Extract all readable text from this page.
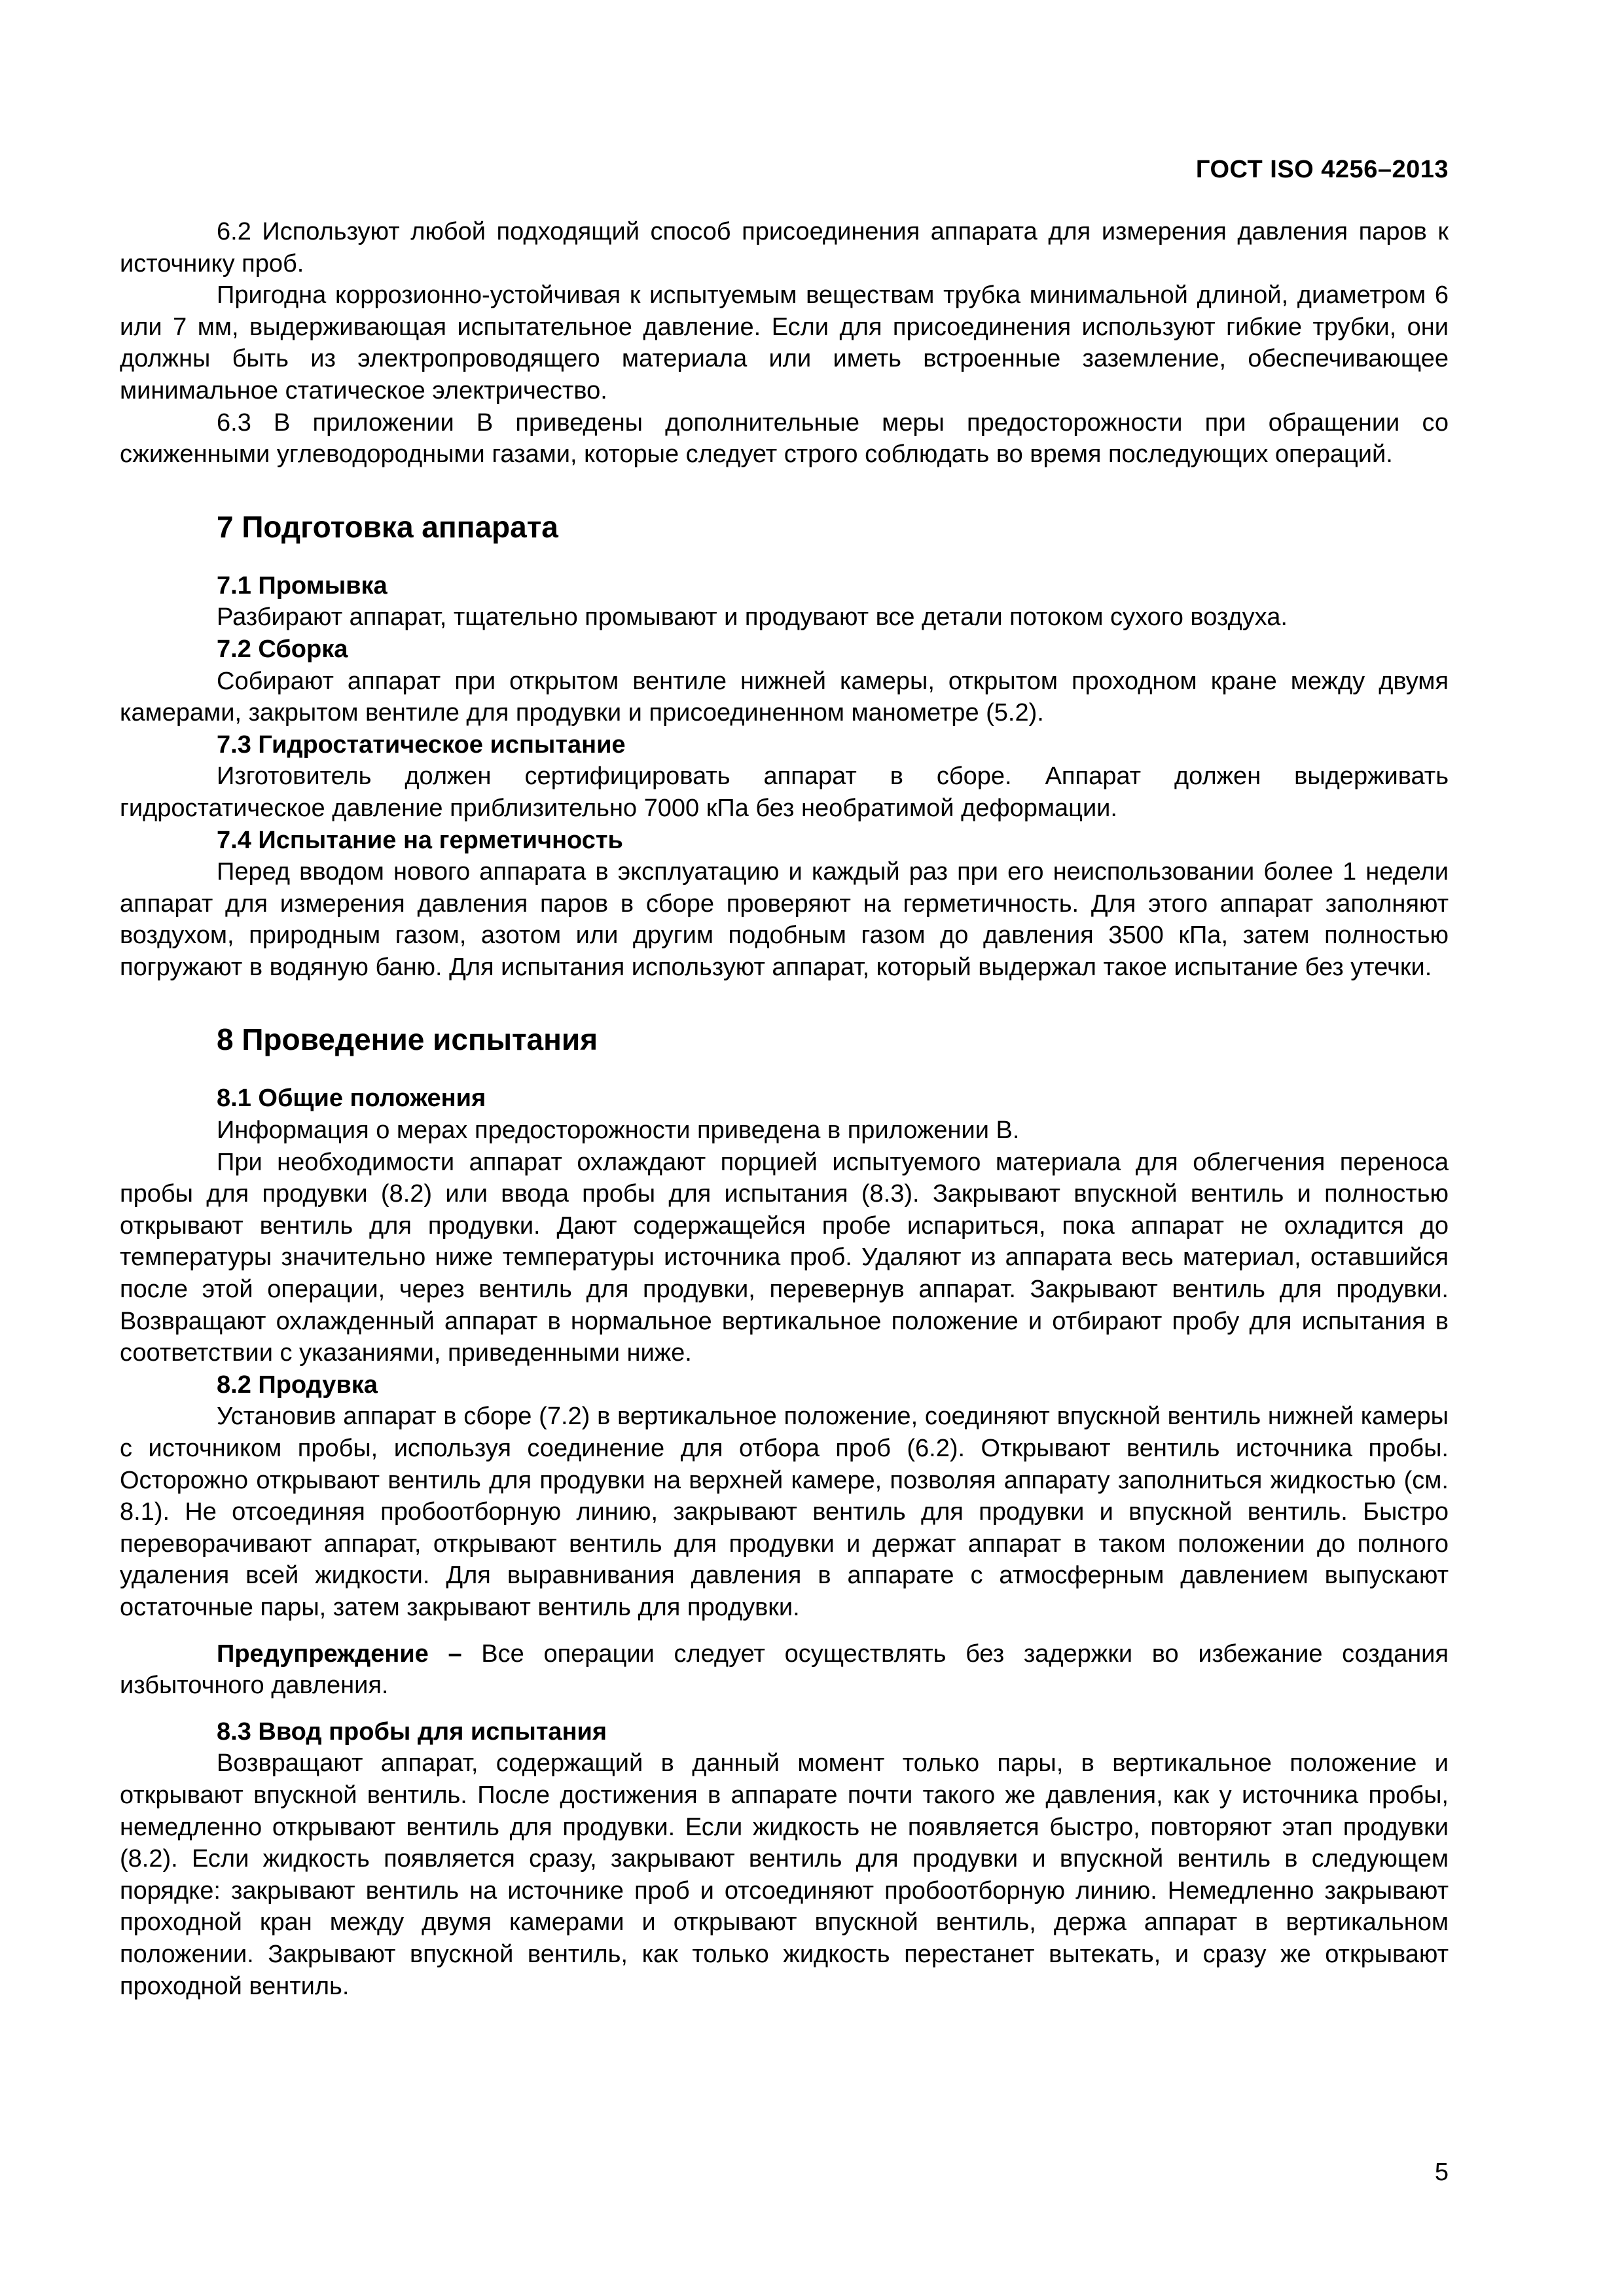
ГОСТ ISO 4256–2013

6.2 Используют любой подходящий способ присоединения аппарата для измерения давления паров к источнику проб.

Пригодна коррозионно-устойчивая к испытуемым веществам трубка минимальной длиной, диаметром 6 или 7 мм, выдерживающая испытательное давление. Если для присоединения используют гибкие трубки, они должны быть из электропроводящего материала или иметь встроенные заземление, обеспечивающее минимальное статическое электричество.

6.3 В приложении В приведены дополнительные меры предосторожности при обращении со сжиженными углеводородными газами, которые следует строго соблюдать во время последующих операций.

7 Подготовка аппарата

7.1 Промывка

Разбирают аппарат, тщательно промывают и продувают все детали потоком сухого воздуха.

7.2 Сборка

Собирают аппарат при открытом вентиле нижней камеры, открытом проходном кране между двумя камерами, закрытом вентиле для продувки и присоединенном манометре (5.2).

7.3 Гидростатическое испытание

Изготовитель должен сертифицировать аппарат в сборе. Аппарат должен выдерживать гидростатическое давление приблизительно 7000 кПа без необратимой деформации.

7.4 Испытание на герметичность

Перед вводом нового аппарата в эксплуатацию и каждый раз при его неиспользовании более 1 недели аппарат для измерения давления паров в сборе проверяют на герметичность. Для этого аппарат заполняют воздухом, природным газом, азотом или другим подобным газом до давления 3500 кПа, затем полностью погружают в водяную баню. Для испытания используют аппарат, который выдержал такое испытание без утечки.

8 Проведение испытания

8.1 Общие положения

Информация о мерах предосторожности приведена в приложении В.

При необходимости аппарат охлаждают порцией испытуемого материала для облегчения переноса пробы для продувки (8.2) или ввода пробы для испытания (8.3). Закрывают впускной вентиль и полностью открывают вентиль для продувки. Дают содержащейся пробе испариться, пока аппарат не охладится до температуры значительно ниже температуры источника проб. Удаляют из аппарата весь материал, оставшийся после этой операции, через вентиль для продувки, перевернув аппарат. Закрывают вентиль для продувки. Возвращают охлажденный аппарат в нормальное вертикальное положение и отбирают пробу для испытания в соответствии с указаниями, приведенными ниже.

8.2 Продувка

Установив аппарат в сборе (7.2) в вертикальное положение, соединяют впускной вентиль нижней камеры с источником пробы, используя соединение для отбора проб (6.2). Открывают вентиль источника пробы. Осторожно открывают вентиль для продувки на верхней камере, позволяя аппарату заполниться жидкостью (см. 8.1). Не отсоединяя пробоотборную линию, закрывают вентиль для продувки и впускной вентиль. Быстро переворачивают аппарат, открывают вентиль для продувки и держат аппарат в таком положении до полного удаления всей жидкости. Для выравнивания давления в аппарате с атмосферным давлением выпускают остаточные пары, затем закрывают вентиль для продувки.

Предупреждение – Все операции следует осуществлять без задержки во избежание создания избыточного давления.

8.3 Ввод пробы для испытания

Возвращают аппарат, содержащий в данный момент только пары, в вертикальное положение и открывают впускной вентиль. После достижения в аппарате почти такого же давления, как у источника пробы, немедленно открывают вентиль для продувки. Если жидкость не появляется быстро, повторяют этап продувки (8.2). Если жидкость появляется сразу, закрывают вентиль для продувки и впускной вентиль в следующем порядке: закрывают вентиль на источнике проб и отсоединяют пробоотборную линию. Немедленно закрывают проходной кран между двумя камерами и открывают впускной вентиль, держа аппарат в вертикальном положении. Закрывают впускной вентиль, как только жидкость перестанет вытекать, и сразу же открывают проходной вентиль.

5
